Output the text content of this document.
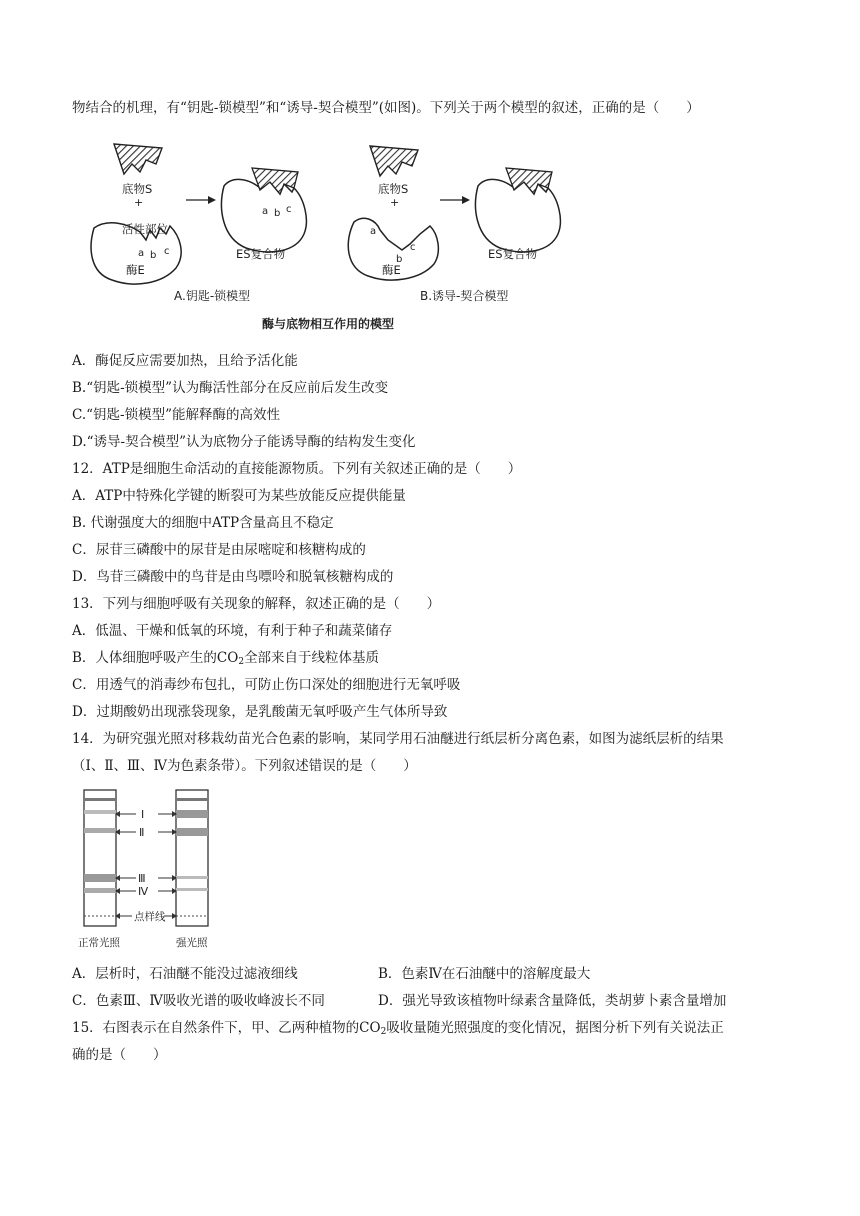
物结合的机理，有“钥匙-锁模型”和“诱导-契合模型”(如图)。下列关于两个模型的叙述，正确的是（　　）
底物S
+
活性部位
a b c
酶E
a b c
ES复合物
底物S
+
a
b
c
酶E
ES复合物
A.钥匙-锁模型	B.诱导-契合模型
酶与底物相互作用的模型
A．酶促反应需要加热，且给予活化能
B.“钥匙-锁模型”认为酶活性部分在反应前后发生改变
C.“钥匙-锁模型”能解释酶的高效性
D.“诱导-契合模型”认为底物分子能诱导酶的结构发生变化
12．ATP是细胞生命活动的直接能源物质。下列有关叙述正确的是（　　）
A．ATP中特殊化学键的断裂可为某些放能反应提供能量
B. 代谢强度大的细胞中ATP含量高且不稳定
C．尿苷三磷酸中的尿苷是由尿嘧啶和核糖构成的
D．鸟苷三磷酸中的鸟苷是由鸟嘌呤和脱氧核糖构成的
13．下列与细胞呼吸有关现象的解释，叙述正确的是（　　）
A．低温、干燥和低氧的环境，有利于种子和蔬菜储存
B．人体细胞呼吸产生的$CO_2$全部来自于线粒体基质
C．用透气的消毒纱布包扎，可防止伤口深处的细胞进行无氧呼吸
D．过期酸奶出现涨袋现象，是乳酸菌无氧呼吸产生气体所导致
14．为研究强光照对移栽幼苗光合色素的影响，某同学用石油醚进行纸层析分离色素，如图为滤纸层析的结果
（Ⅰ、Ⅱ、Ⅲ、Ⅳ为色素条带）。下列叙述错误的是（　　）
Ⅰ
Ⅱ
Ⅲ
Ⅳ
点样线
正常光照	强光照
A．层析时，石油醚不能没过滤液细线	B．色素Ⅳ在石油醚中的溶解度最大
C．色素Ⅲ、Ⅳ吸收光谱的吸收峰波长不同	D．强光导致该植物叶绿素含量降低，类胡萝卜素含量增加
15．右图表示在自然条件下，甲、乙两种植物的$CO_2$吸收量随光照强度的变化情况，据图分析下列有关说法正
确的是（　　）
